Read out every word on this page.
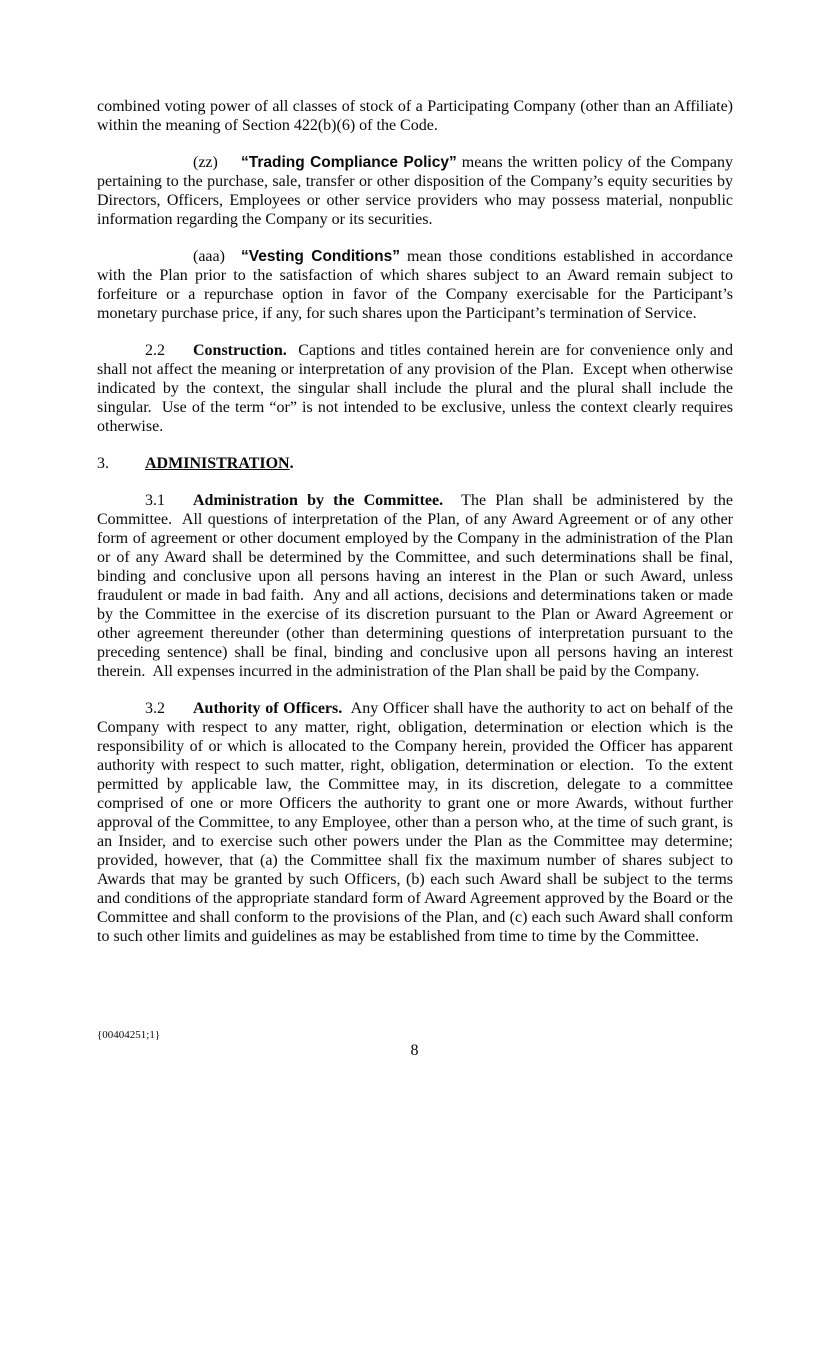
combined voting power of all classes of stock of a Participating Company (other than an Affiliate) within the meaning of Section 422(b)(6) of the Code.

(zz) “Trading Compliance Policy” means the written policy of the Company pertaining to the purchase, sale, transfer or other disposition of the Company’s equity securities by Directors, Officers, Employees or other service providers who may possess material, nonpublic information regarding the Company or its securities.

(aaa) “Vesting Conditions” mean those conditions established in accordance with the Plan prior to the satisfaction of which shares subject to an Award remain subject to forfeiture or a repurchase option in favor of the Company exercisable for the Participant’s monetary purchase price, if any, for such shares upon the Participant’s termination of Service.

2.2 Construction.  Captions and titles contained herein are for convenience only and shall not affect the meaning or interpretation of any provision of the Plan.  Except when otherwise indicated by the context, the singular shall include the plural and the plural shall include the singular.  Use of the term “or” is not intended to be exclusive, unless the context clearly requires otherwise.

3. ADMINISTRATION.

3.1 Administration by the Committee.  The Plan shall be administered by the Committee.  All questions of interpretation of the Plan, of any Award Agreement or of any other form of agreement or other document employed by the Company in the administration of the Plan or of any Award shall be determined by the Committee, and such determinations shall be final, binding and conclusive upon all persons having an interest in the Plan or such Award, unless fraudulent or made in bad faith.  Any and all actions, decisions and determinations taken or made by the Committee in the exercise of its discretion pursuant to the Plan or Award Agreement or other agreement thereunder (other than determining questions of interpretation pursuant to the preceding sentence) shall be final, binding and conclusive upon all persons having an interest therein.  All expenses incurred in the administration of the Plan shall be paid by the Company.

3.2 Authority of Officers.  Any Officer shall have the authority to act on behalf of the Company with respect to any matter, right, obligation, determination or election which is the responsibility of or which is allocated to the Company herein, provided the Officer has apparent authority with respect to such matter, right, obligation, determination or election.  To the extent permitted by applicable law, the Committee may, in its discretion, delegate to a committee comprised of one or more Officers the authority to grant one or more Awards, without further approval of the Committee, to any Employee, other than a person who, at the time of such grant, is an Insider, and to exercise such other powers under the Plan as the Committee may determine; provided, however, that (a) the Committee shall fix the maximum number of shares subject to Awards that may be granted by such Officers, (b) each such Award shall be subject to the terms and conditions of the appropriate standard form of Award Agreement approved by the Board or the Committee and shall conform to the provisions of the Plan, and (c) each such Award shall conform to such other limits and guidelines as may be established from time to time by the Committee.

{00404251;1}
8
